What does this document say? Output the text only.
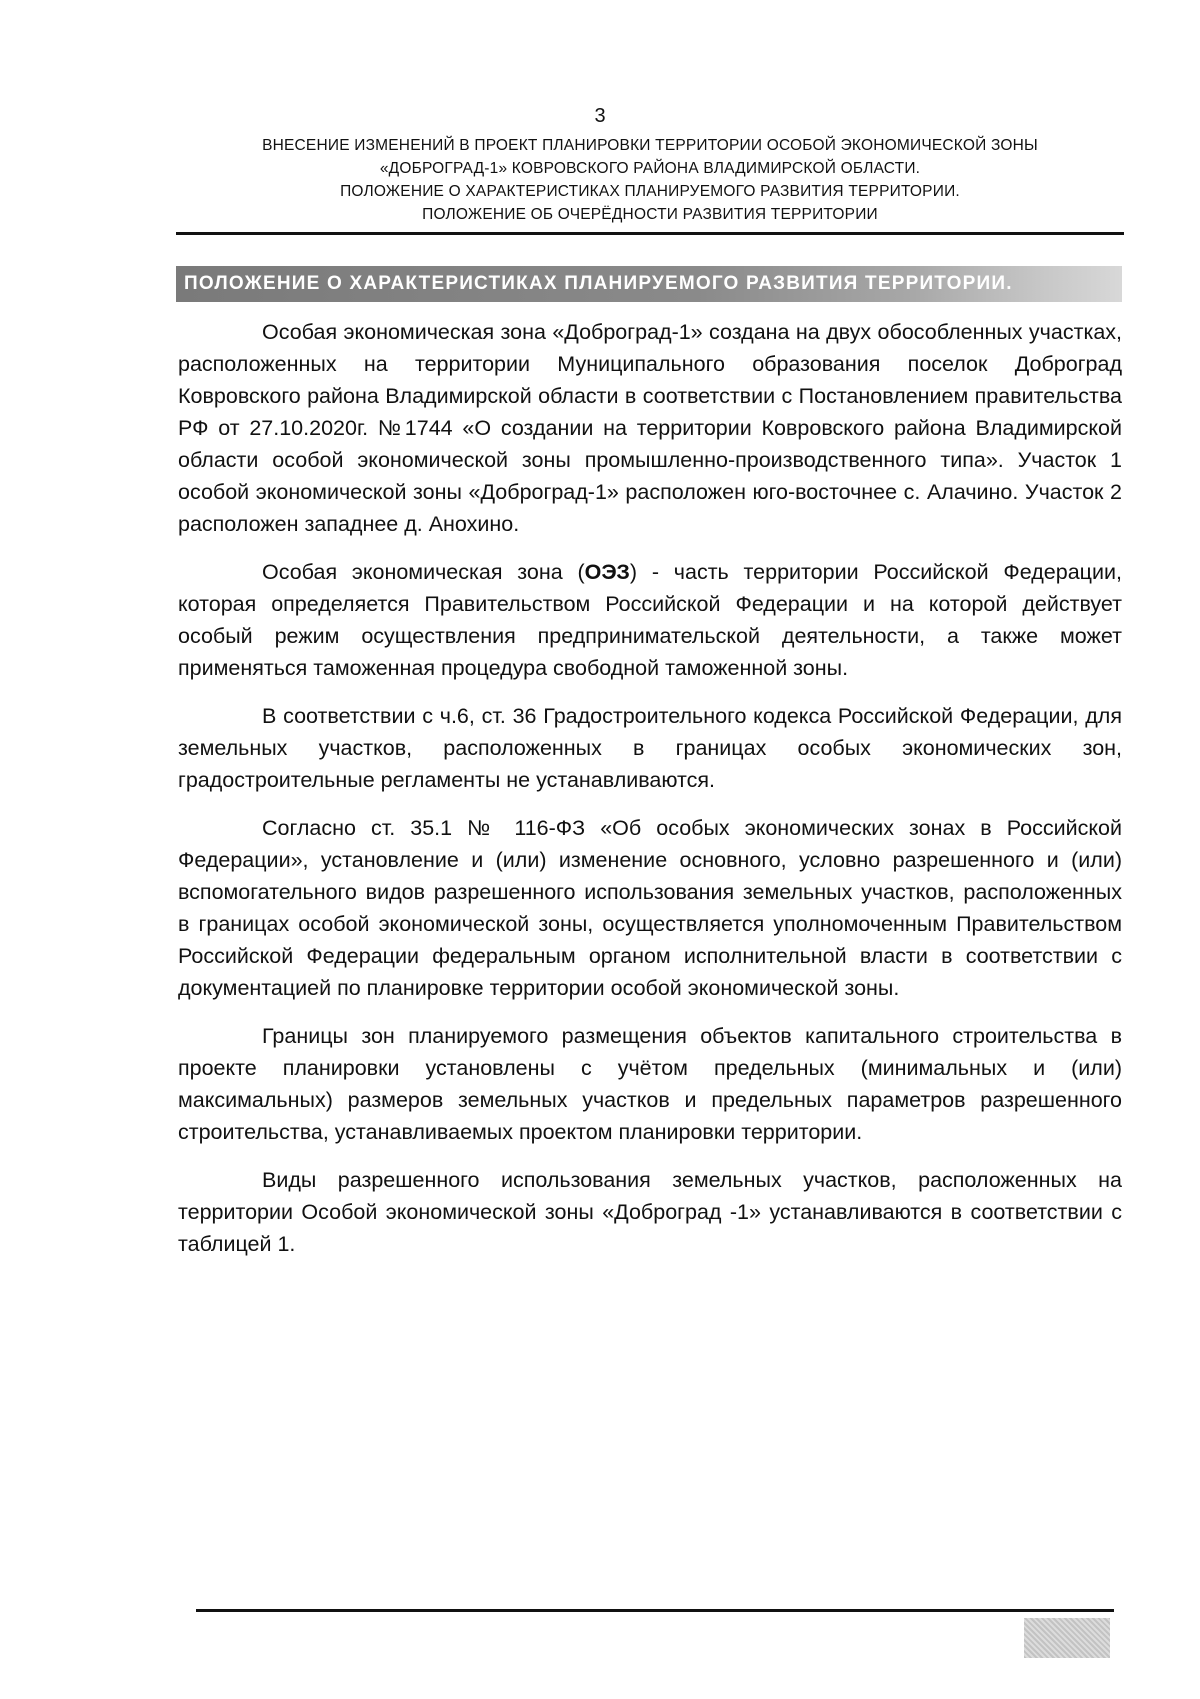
3
ВНЕСЕНИЕ ИЗМЕНЕНИЙ В ПРОЕКТ ПЛАНИРОВКИ ТЕРРИТОРИИ ОСОБОЙ ЭКОНОМИЧЕСКОЙ ЗОНЫ
«ДОБРОГРАД-1» КОВРОВСКОГО РАЙОНА ВЛАДИМИРСКОЙ ОБЛАСТИ.
ПОЛОЖЕНИЕ О ХАРАКТЕРИСТИКАХ ПЛАНИРУЕМОГО РАЗВИТИЯ ТЕРРИТОРИИ.
ПОЛОЖЕНИЕ ОБ ОЧЕРЁДНОСТИ РАЗВИТИЯ ТЕРРИТОРИИ
ПОЛОЖЕНИЕ О ХАРАКТЕРИСТИКАХ ПЛАНИРУЕМОГО РАЗВИТИЯ ТЕРРИТОРИИ.

Особая экономическая зона «Доброград-1» создана на двух обособленных участках, расположенных на территории Муниципального образования поселок Доброград Ковровского района Владимирской области в соответствии с Постановлением правительства РФ от 27.10.2020г. №1744 «О создании на территории Ковровского района Владимирской области особой экономической зоны промышленно-производственного типа». Участок 1 особой экономической зоны «Доброград-1» расположен юго-восточнее с. Алачино. Участок 2 расположен западнее д. Анохино.

Особая экономическая зона (ОЭЗ) - часть территории Российской Федерации, которая определяется Правительством Российской Федерации и на которой действует особый режим осуществления предпринимательской деятельности, а также может применяться таможенная процедура свободной таможенной зоны.

В соответствии с ч.6, ст. 36 Градостроительного кодекса Российской Федерации, для земельных участков, расположенных в границах особых экономических зон, градостроительные регламенты не устанавливаются.

Согласно ст. 35.1 № 116-ФЗ «Об особых экономических зонах в Российской Федерации», установление и (или) изменение основного, условно разрешенного и (или) вспомогательного видов разрешенного использования земельных участков, расположенных в границах особой экономической зоны, осуществляется уполномоченным Правительством Российской Федерации федеральным органом исполнительной власти в соответствии с документацией по планировке территории особой экономической зоны.

Границы зон планируемого размещения объектов капитального строительства в проекте планировки установлены с учётом предельных (минимальных и (или) максимальных) размеров земельных участков и предельных параметров разрешенного строительства, устанавливаемых проектом планировки территории.

Виды разрешенного использования земельных участков, расположенных на территории Особой экономической зоны «Доброград -1» устанавливаются в соответствии с таблицей 1.
